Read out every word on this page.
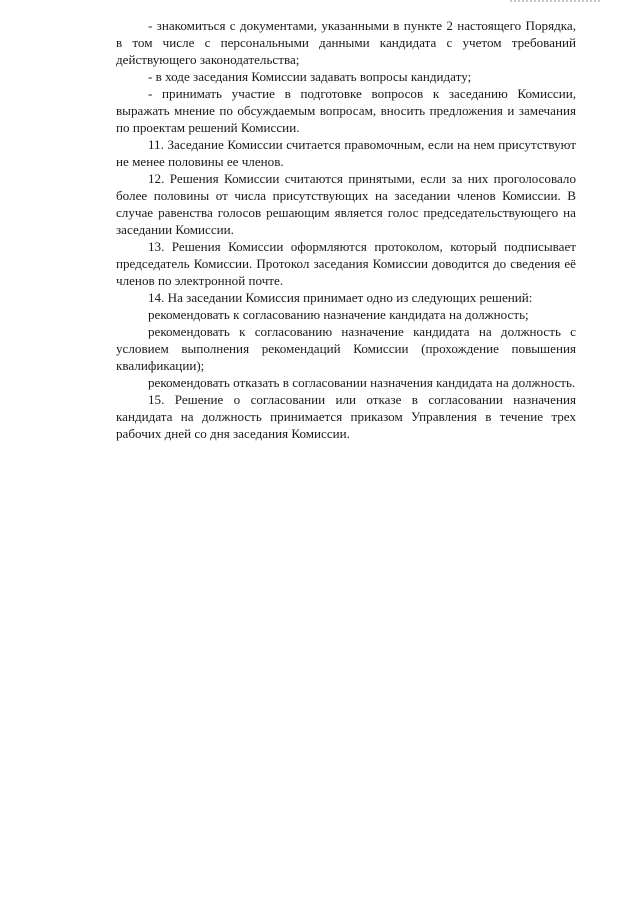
- знакомиться с документами, указанными в пункте 2 настоящего Порядка, в том числе с персональными данными кандидата с учетом требований действующего законодательства;

- в ходе заседания Комиссии задавать вопросы кандидату;

- принимать участие в подготовке вопросов к заседанию Комиссии, выражать мнение по обсуждаемым вопросам, вносить предложения и замечания по проектам решений Комиссии.

11. Заседание Комиссии считается правомочным, если на нем присутствуют не менее половины ее членов.

12. Решения Комиссии считаются принятыми, если за них проголосовало более половины от числа присутствующих на заседании членов Комиссии. В случае равенства голосов решающим является голос председательствующего на заседании Комиссии.

13. Решения Комиссии оформляются протоколом, который подписывает председатель Комиссии. Протокол заседания Комиссии доводится до сведения её членов по электронной почте.

14. На заседании Комиссия принимает одно из следующих решений:

рекомендовать к согласованию назначение кандидата на должность;

рекомендовать к согласованию назначение кандидата на должность с условием выполнения рекомендаций Комиссии (прохождение повышения квалификации);

рекомендовать отказать в согласовании назначения кандидата на должность.

15. Решение о согласовании или отказе в согласовании назначения кандидата на должность принимается приказом Управления в течение трех рабочих дней со дня заседания Комиссии.
